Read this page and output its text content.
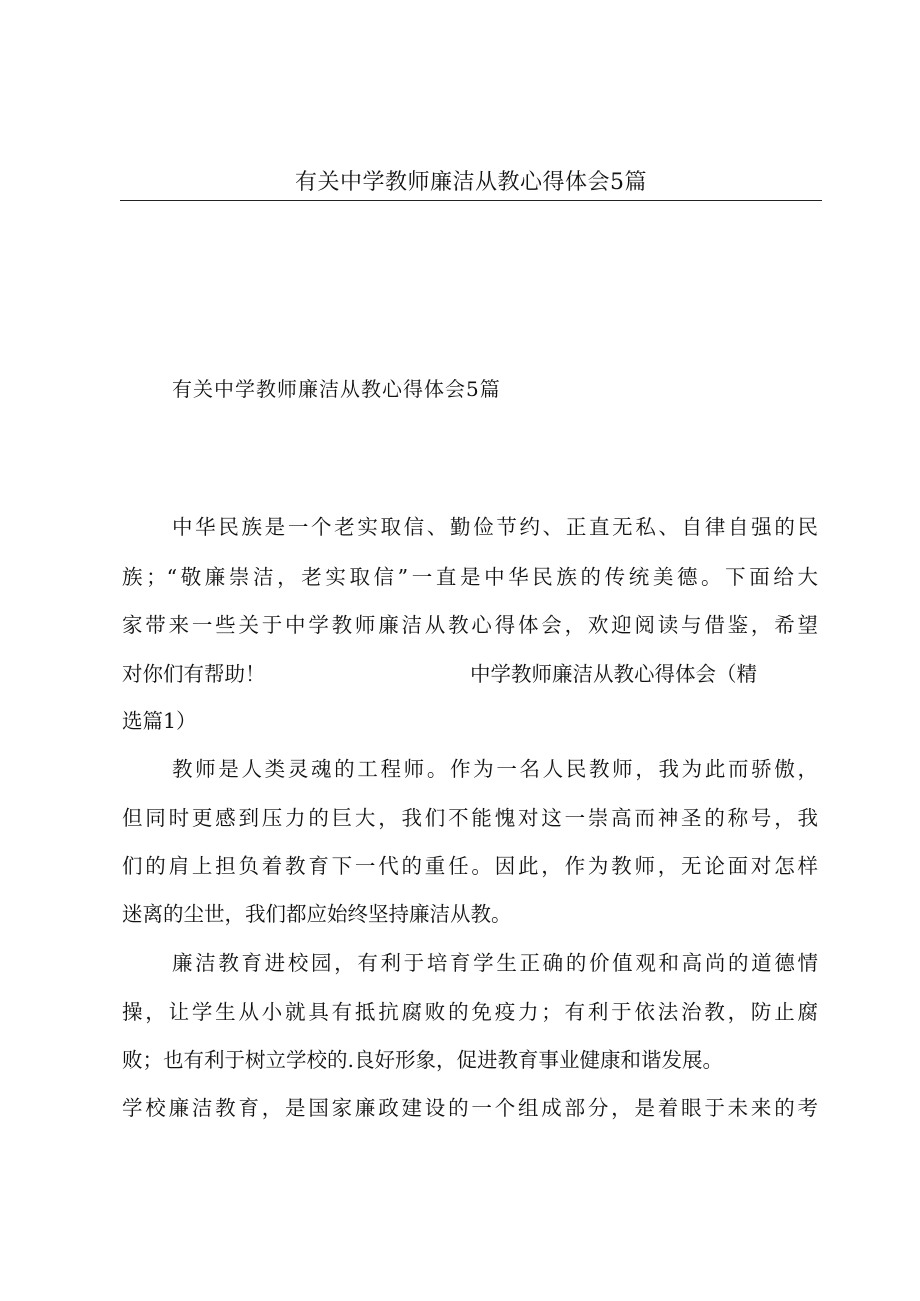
有关中学教师廉洁从教心得体会5篇
有关中学教师廉洁从教心得体会5篇
中华民族是一个老实取信、勤俭节约、正直无私、自律自强的民
族；“敬廉崇洁，老实取信”一直是中华民族的传统美德。下面给大
家带来一些关于中学教师廉洁从教心得体会，欢迎阅读与借鉴，希望
对你们有帮助！	中学教师廉洁从教心得体会（精
选篇1）
教师是人类灵魂的工程师。作为一名人民教师，我为此而骄傲，
但同时更感到压力的巨大，我们不能愧对这一崇高而神圣的称号，我
们的肩上担负着教育下一代的重任。因此，作为教师，无论面对怎样
迷离的尘世，我们都应始终坚持廉洁从教。
廉洁教育进校园，有利于培育学生正确的价值观和高尚的道德情
操，让学生从小就具有抵抗腐败的免疫力；有利于依法治教，防止腐
败；也有利于树立学校的.良好形象，促进教育事业健康和谐发展。
学校廉洁教育，是国家廉政建设的一个组成部分，是着眼于未来的考
